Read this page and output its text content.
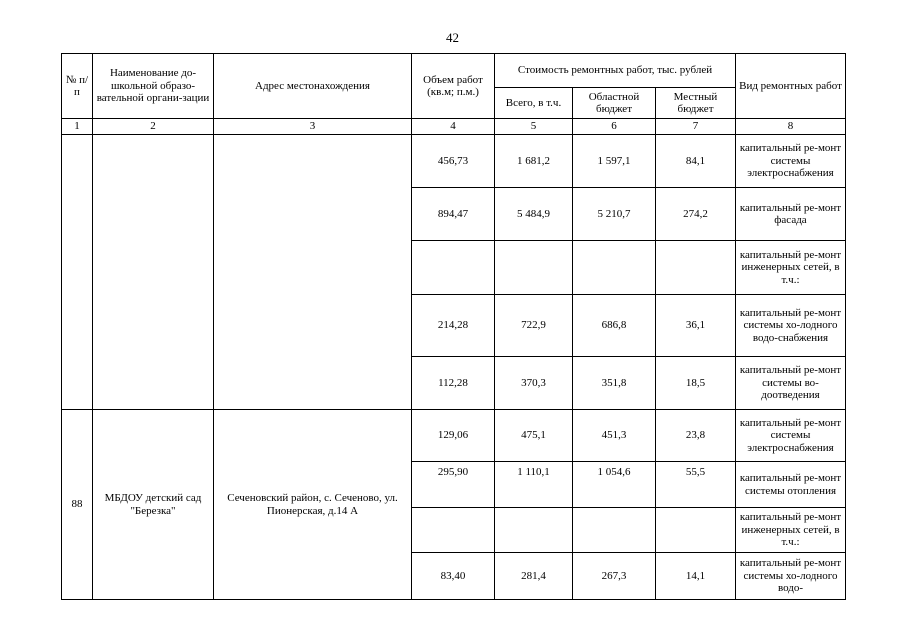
42
№ п/п	Наименование до-школьной образо-вательной органи-зации	Адрес местонахождения	Объем работ (кв.м; п.м.)	Стоимость ремонтных работ, тыс. рублей			Вид ремонтных работ

				Всего, в т.ч.	Областной бюджет	Местный бюджет	

1	2	3	4	5	6	7	8
			456,73	1 681,2	1 597,1	84,1	капитальный ре-монт системы электроснабжения

			894,47	5 484,9	5 210,7	274,2	капитальный ре-монт фасада

							капитальный ре-монт инженерных сетей, в т.ч.:

			214,28	722,9	686,8	36,1	капитальный ре-монт системы хо-лодного водо-снабжения

			112,28	370,3	351,8	18,5	капитальный ре-монт системы во-доотведения

88	МБДОУ детский сад "Березка"	Сеченовский район, с. Сеченово, ул. Пионерская, д.14 А	129,06	475,1	451,3	23,8	капитальный ре-монт системы электроснабжения

			295,90	1 110,1	1 054,6	55,5	капитальный ре-монт системы отопления

							капитальный ре-монт инженерных сетей, в т.ч.:

			83,40	281,4	267,3	14,1	капитальный ре-монт системы хо-лодного водо-
